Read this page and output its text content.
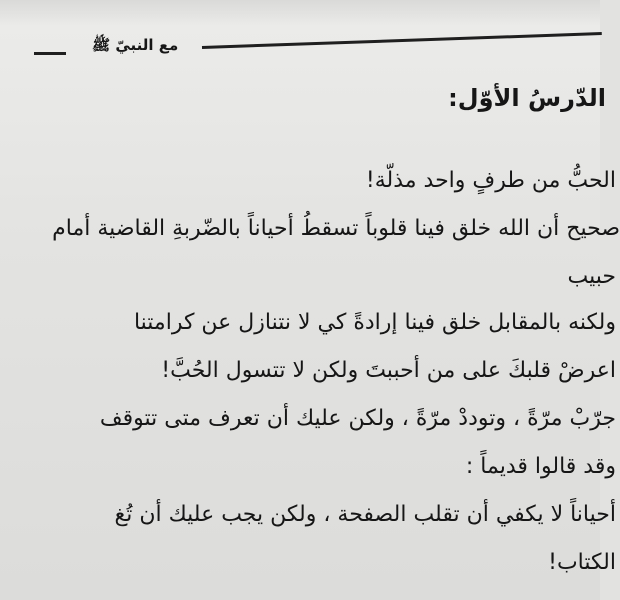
مع النبيّ ﷺ
الدّرسُ الأوّل:
الحبُّ من طرفٍ واحد مذلّة!
صحيح أن الله خلق فينا قلوباً تسقطُ أحياناً بالضّربةِ القاضية أمام
حبيب
ولكنه بالمقابل خلق فينا إرادةً كي لا نتنازل عن كرامتنا
اعرضْ قلبكَ على من أحببتَ ولكن لا تتسول الحُبَّ!
جرّبْ مرّةً ، وتوددْ مرّةً ، ولكن عليك أن تعرف متى تتوقف
وقد قالوا قديماً :
أحياناً لا يكفي أن تقلب الصفحة ، ولكن يجب عليك أن تُغ
الكتاب!
